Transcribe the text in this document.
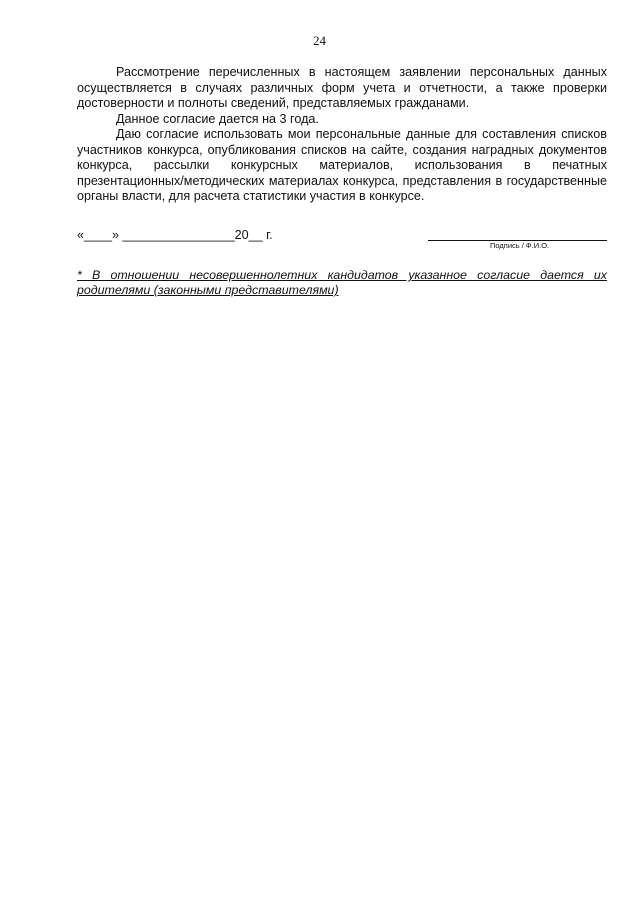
24

Рассмотрение перечисленных в настоящем заявлении персональных данных осуществляется в случаях различных форм учета и отчетности, а также проверки достоверности и полноты сведений, представляемых гражданами.

Данное согласие дается на 3 года.

Даю согласие использовать мои персональные данные для составления списков участников конкурса, опубликования списков на сайте, создания наградных документов конкурса, рассылки конкурсных материалов, использования в печатных презентационных/методических материалах конкурса, представления в государственные органы власти, для расчета статистики участия в конкурсе.

«____» ________________20__ г.
Подпись / Ф.И.О.
* В отношении несовершеннолетних кандидатов указанное согласие дается их родителями (законными представителями)
